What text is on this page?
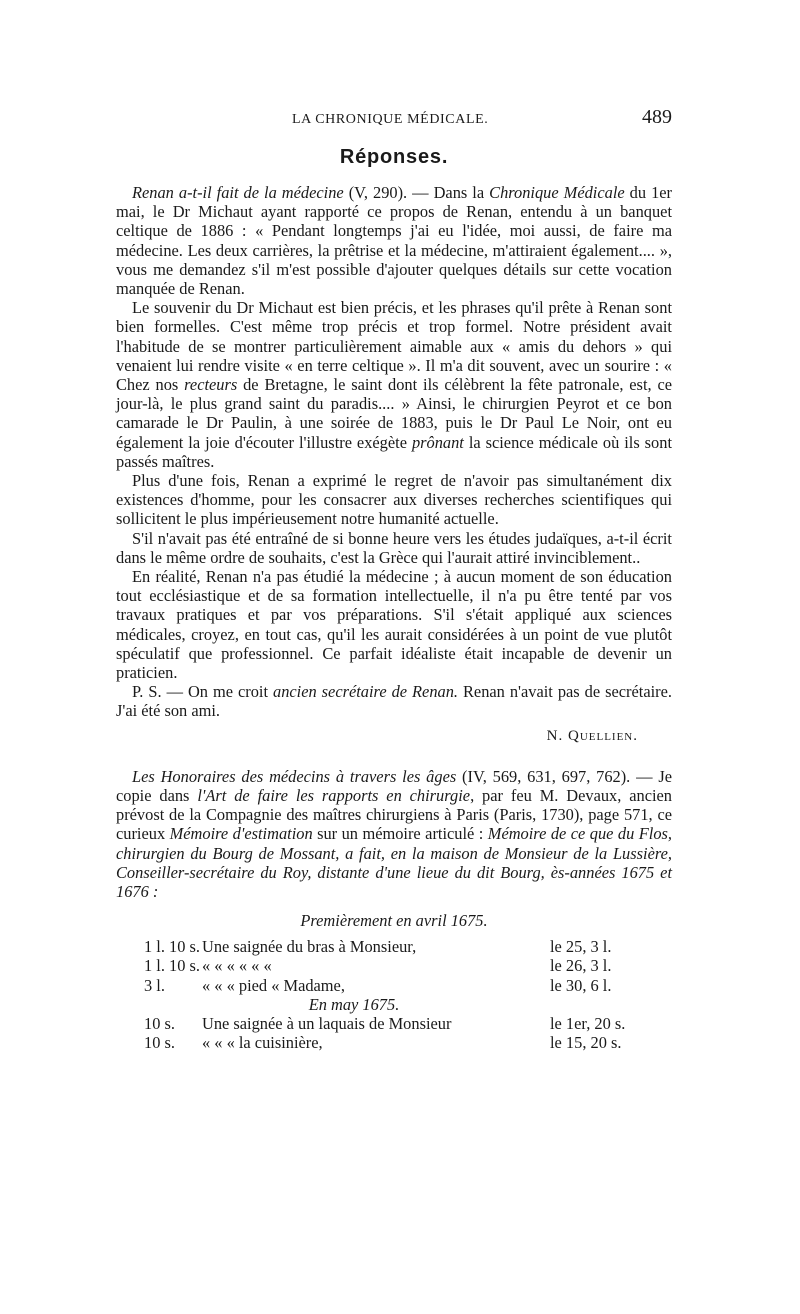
LA CHRONIQUE MÉDICALE.	489
Réponses.

Renan a-t-il fait de la médecine (V, 290). — Dans la Chronique Médicale du 1er mai, le Dr Michaut ayant rapporté ce propos de Renan, entendu à un banquet celtique de 1886 : « Pendant longtemps j'ai eu l'idée, moi aussi, de faire ma médecine. Les deux carrières, la prêtrise et la médecine, m'attiraient également.... », vous me demandez s'il m'est possible d'ajouter quelques détails sur cette vocation manquée de Renan.

Le souvenir du Dr Michaut est bien précis, et les phrases qu'il prête à Renan sont bien formelles. C'est même trop précis et trop formel. Notre président avait l'habitude de se montrer particulièrement aimable aux « amis du dehors » qui venaient lui rendre visite « en terre celtique ». Il m'a dit souvent, avec un sourire : « Chez nos recteurs de Bretagne, le saint dont ils célèbrent la fête patronale, est, ce jour-là, le plus grand saint du paradis.... » Ainsi, le chirurgien Peyrot et ce bon camarade le Dr Paulin, à une soirée de 1883, puis le Dr Paul Le Noir, ont eu également la joie d'écouter l'illustre exégète prônant la science médicale où ils sont passés maîtres.

Plus d'une fois, Renan a exprimé le regret de n'avoir pas simultanément dix existences d'homme, pour les consacrer aux diverses recherches scientifiques qui sollicitent le plus impérieusement notre humanité actuelle.

S'il n'avait pas été entraîné de si bonne heure vers les études judaïques, a-t-il écrit dans le même ordre de souhaits, c'est la Grèce qui l'aurait attiré invinciblement..

En réalité, Renan n'a pas étudié la médecine ; à aucun moment de son éducation tout ecclésiastique et de sa formation intellectuelle, il n'a pu être tenté par vos travaux pratiques et par vos préparations. S'il s'était appliqué aux sciences médicales, croyez, en tout cas, qu'il les aurait considérées à un point de vue plutôt spéculatif que professionnel. Ce parfait idéaliste était incapable de devenir un praticien.

P. S. — On me croit ancien secrétaire de Renan. Renan n'avait pas de secrétaire. J'ai été son ami.

N. Quellien.

Les Honoraires des médecins à travers les âges (IV, 569, 631, 697, 762). — Je copie dans l'Art de faire les rapports en chirurgie, par feu M. Devaux, ancien prévost de la Compagnie des maîtres chirurgiens à Paris (Paris, 1730), page 571, ce curieux Mémoire d'estimation sur un mémoire articulé : Mémoire de ce que du Flos, chirurgien du Bourg de Mossant, a fait, en la maison de Monsieur de la Lussière, Conseiller-secrétaire du Roy, distante d'une lieue du dit Bourg, ès-années 1675 et 1676 :

Premièrement en avril 1675.
1 l. 10 s. Une saignée du bras à Monsieur,	le 25, 3 l.
1 l. 10 s. « « « « « «	le 26, 3 l.
3 l.	« « « pied « Madame,	le 30, 6 l.
En may 1675.
10 s.	Une saignée à un laquais de Monsieur	le 1er, 20 s.
10 s.	« « « la cuisinière,	le 15, 20 s.
